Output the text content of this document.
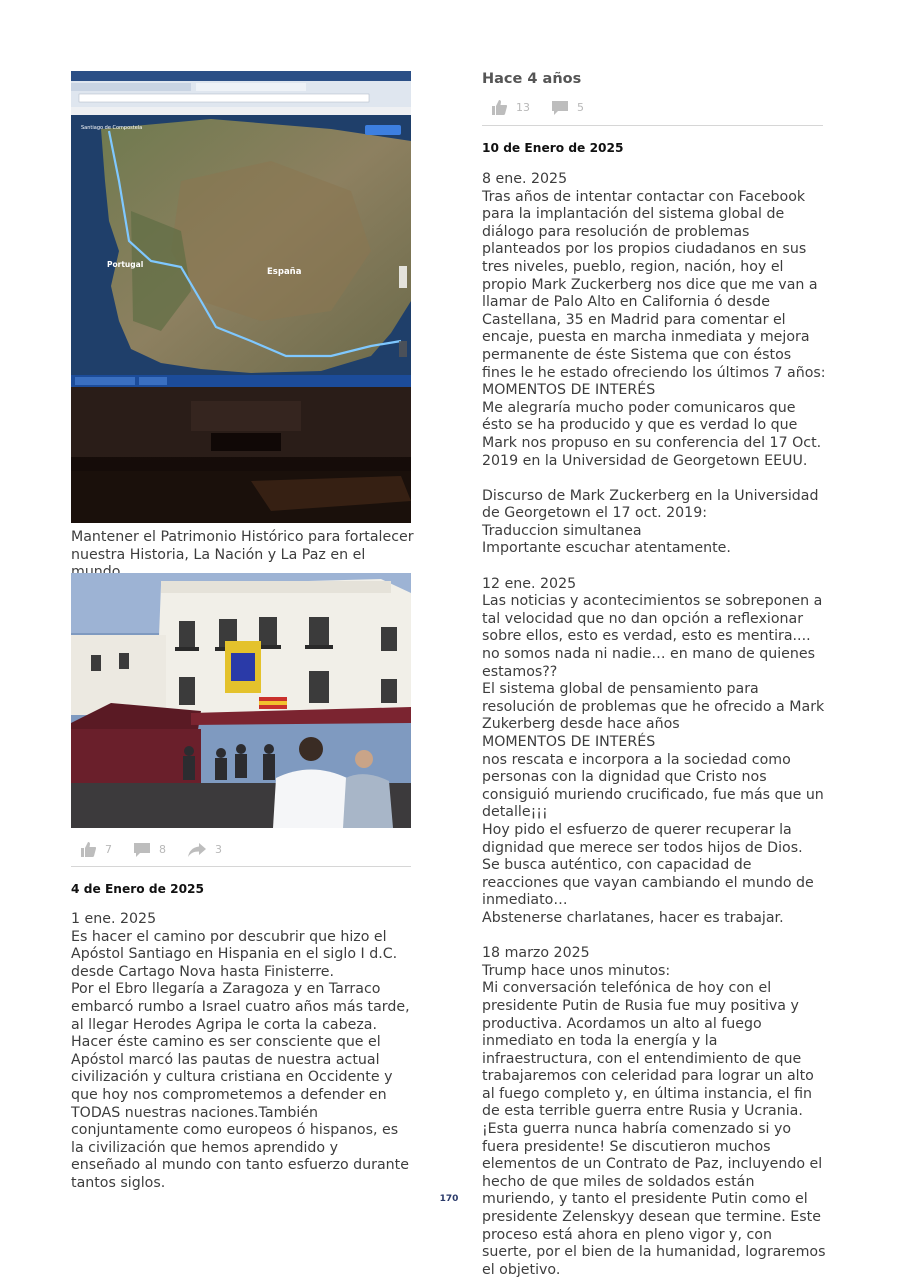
Santiago de Compostela
Portugal
España
Mantener el Patrimonio Histórico para fortalecer nuestra Historia, La Nación y La Paz en el
7	8	3
4 de Enero de 2025
1 ene. 2025
Es hacer el camino por descubrir que hizo el Apóstol Santiago en Hispania en el siglo I d.C. desde Cartago Nova hasta Finisterre.
Por el Ebro llegaría a Zaragoza y en Tarraco embarcó rumbo a Israel cuatro años más tarde, al llegar Herodes Agripa le corta la cabeza.
Hacer éste camino es ser consciente que el Apóstol marcó las pautas de nuestra actual civilización y cultura cristiana en Occidente y que hoy nos comprometemos a defender en TODAS nuestras naciones.También conjuntamente como europeos ó hispanos, es la civilización que hemos aprendido y enseñado al mundo con tanto esfuerzo durante tantos siglos.
Hace 4 años
13	5
10 de Enero de 2025
8 ene. 2025
Tras años de intentar contactar con Facebook para la implantación del sistema global de diálogo para resolución de problemas planteados por los propios ciudadanos en sus tres niveles, pueblo, region, nación, hoy el propio Mark Zuckerberg nos dice que me van a llamar de Palo Alto en California ó desde Castellana, 35 en Madrid para comentar el encaje, puesta en marcha inmediata y mejora permanente de éste Sistema que con éstos fines le he estado ofreciendo los últimos 7 años:
MOMENTOS DE INTERÉS
Me alegraría mucho poder comunicaros que ésto se ha producido y que es verdad lo que Mark nos propuso en su conferencia del 17 Oct. 2019 en la Universidad de Georgetown EEUU.

Discurso de Mark Zuckerberg en la Universidad de Georgetown el 17 oct. 2019:
Traduccion simultanea
Importante escuchar atentamente.

12 ene. 2025
Las noticias y acontecimientos se sobreponen a tal velocidad que no dan opción a reflexionar sobre ellos, esto es verdad, esto es mentira.... no somos nada ni nadie… en mano de quienes estamos??
El sistema global de pensamiento para resolución de problemas que he ofrecido a Mark Zukerberg desde hace años
MOMENTOS DE INTERÉS
nos rescata e incorpora a la sociedad como personas con la dignidad que Cristo nos consiguió muriendo crucificado, fue más que un detalle¡¡¡
Hoy pido el esfuerzo de querer recuperar la dignidad que merece ser todos hijos de Dios.
Se busca auténtico, con capacidad de reacciones que vayan cambiando el mundo de inmediato…
Abstenerse charlatanes, hacer es trabajar.

18 marzo 2025
Trump hace unos minutos:
Mi conversación telefónica de hoy con el presidente Putin de Rusia fue muy positiva y productiva. Acordamos un alto al fuego inmediato en toda la energía y la infraestructura, con el entendimiento de que trabajaremos con celeridad para lograr un alto al fuego completo y, en última instancia, el fin de esta terrible guerra entre Rusia y Ucrania. ¡Esta guerra nunca habría comenzado si yo fuera presidente! Se discutieron muchos elementos de un Contrato de Paz, incluyendo el hecho de que miles de soldados están muriendo, y tanto el presidente Putin como el presidente Zelenskyy desean que termine. Este proceso está ahora en pleno vigor y, con suerte, por el bien de la humanidad, lograremos el objetivo.
170
